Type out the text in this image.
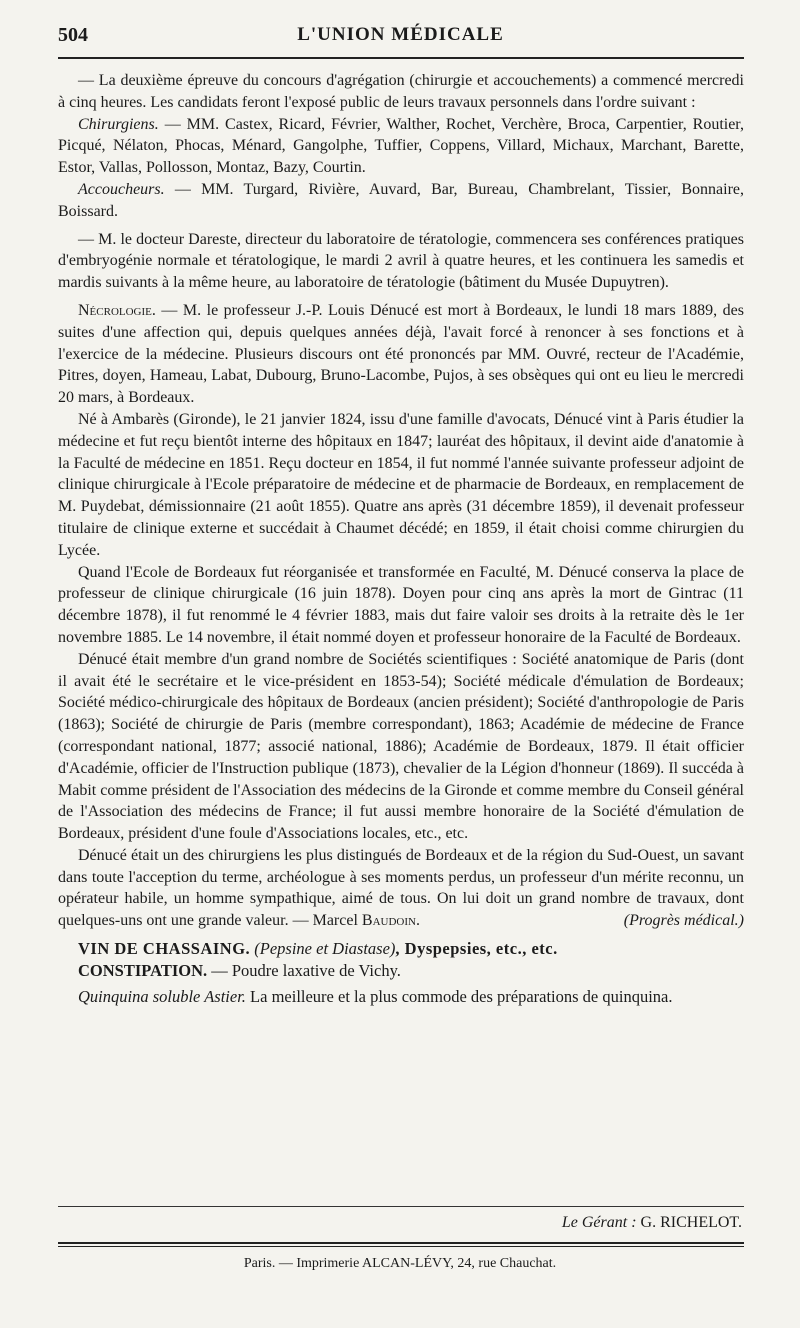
504	L'UNION MÉDICALE

— La deuxième épreuve du concours d'agrégation (chirurgie et accouchements) a commencé mercredi à cinq heures. Les candidats feront l'exposé public de leurs travaux personnels dans l'ordre suivant :

Chirurgiens. — MM. Castex, Ricard, Février, Walther, Rochet, Verchère, Broca, Carpentier, Routier, Picqué, Nélaton, Phocas, Ménard, Gangolphe, Tuffier, Coppens, Villard, Michaux, Marchant, Barette, Estor, Vallas, Pollosson, Montaz, Bazy, Courtin.

Accoucheurs. — MM. Turgard, Rivière, Auvard, Bar, Bureau, Chambrelant, Tissier, Bonnaire, Boissard.

— M. le docteur Dareste, directeur du laboratoire de tératologie, commencera ses conférences pratiques d'embryogénie normale et tératologique, le mardi 2 avril à quatre heures, et les continuera les samedis et mardis suivants à la même heure, au laboratoire de tératologie (bâtiment du Musée Dupuytren).

Nécrologie. — M. le professeur J.-P. Louis Dénucé est mort à Bordeaux, le lundi 18 mars 1889, des suites d'une affection qui, depuis quelques années déjà, l'avait forcé à renoncer à ses fonctions et à l'exercice de la médecine. Plusieurs discours ont été prononcés par MM. Ouvré, recteur de l'Académie, Pitres, doyen, Hameau, Labat, Dubourg, Bruno-Lacombe, Pujos, à ses obsèques qui ont eu lieu le mercredi 20 mars, à Bordeaux.

Né à Ambarès (Gironde), le 21 janvier 1824, issu d'une famille d'avocats, Dénucé vint à Paris étudier la médecine et fut reçu bientôt interne des hôpitaux en 1847; lauréat des hôpitaux, il devint aide d'anatomie à la Faculté de médecine en 1851. Reçu docteur en 1854, il fut nommé l'année suivante professeur adjoint de clinique chirurgicale à l'Ecole préparatoire de médecine et de pharmacie de Bordeaux, en remplacement de M. Puydebat, démissionnaire (21 août 1855). Quatre ans après (31 décembre 1859), il devenait professeur titulaire de clinique externe et succédait à Chaumet décédé; en 1859, il était choisi comme chirurgien du Lycée.

Quand l'Ecole de Bordeaux fut réorganisée et transformée en Faculté, M. Dénucé conserva la place de professeur de clinique chirurgicale (16 juin 1878). Doyen pour cinq ans après la mort de Gintrac (11 décembre 1878), il fut renommé le 4 février 1883, mais dut faire valoir ses droits à la retraite dès le 1er novembre 1885. Le 14 novembre, il était nommé doyen et professeur honoraire de la Faculté de Bordeaux.

Dénucé était membre d'un grand nombre de Sociétés scientifiques : Société anatomique de Paris (dont il avait été le secrétaire et le vice-président en 1853-54); Société médicale d'émulation de Bordeaux; Société médico-chirurgicale des hôpitaux de Bordeaux (ancien président); Société d'anthropologie de Paris (1863); Société de chirurgie de Paris (membre correspondant), 1863; Académie de médecine de France (correspondant national, 1877; associé national, 1886); Académie de Bordeaux, 1879. Il était officier d'Académie, officier de l'Instruction publique (1873), chevalier de la Légion d'honneur (1869). Il succéda à Mabit comme président de l'Association des médecins de la Gironde et comme membre du Conseil général de l'Association des médecins de France; il fut aussi membre honoraire de la Société d'émulation de Bordeaux, président d'une foule d'Associations locales, etc., etc.

Dénucé était un des chirurgiens les plus distingués de Bordeaux et de la région du Sud-Ouest, un savant dans toute l'acception du terme, archéologue à ses moments perdus, un professeur d'un mérite reconnu, un opérateur habile, un homme sympathique, aimé de tous. On lui doit un grand nombre de travaux, dont quelques-uns ont une grande valeur. — Marcel Baudoin.	(Progrès médical.)

VIN DE CHASSAING. (Pepsine et Diastase), Dyspepsies, etc., etc.

CONSTIPATION. — Poudre laxative de Vichy.

Quinquina soluble Astier. La meilleure et la plus commode des préparations de quinquina.

Le Gérant : G. RICHELOT.
Paris. — Imprimerie ALCAN-LÉVY, 24, rue Chauchat.
